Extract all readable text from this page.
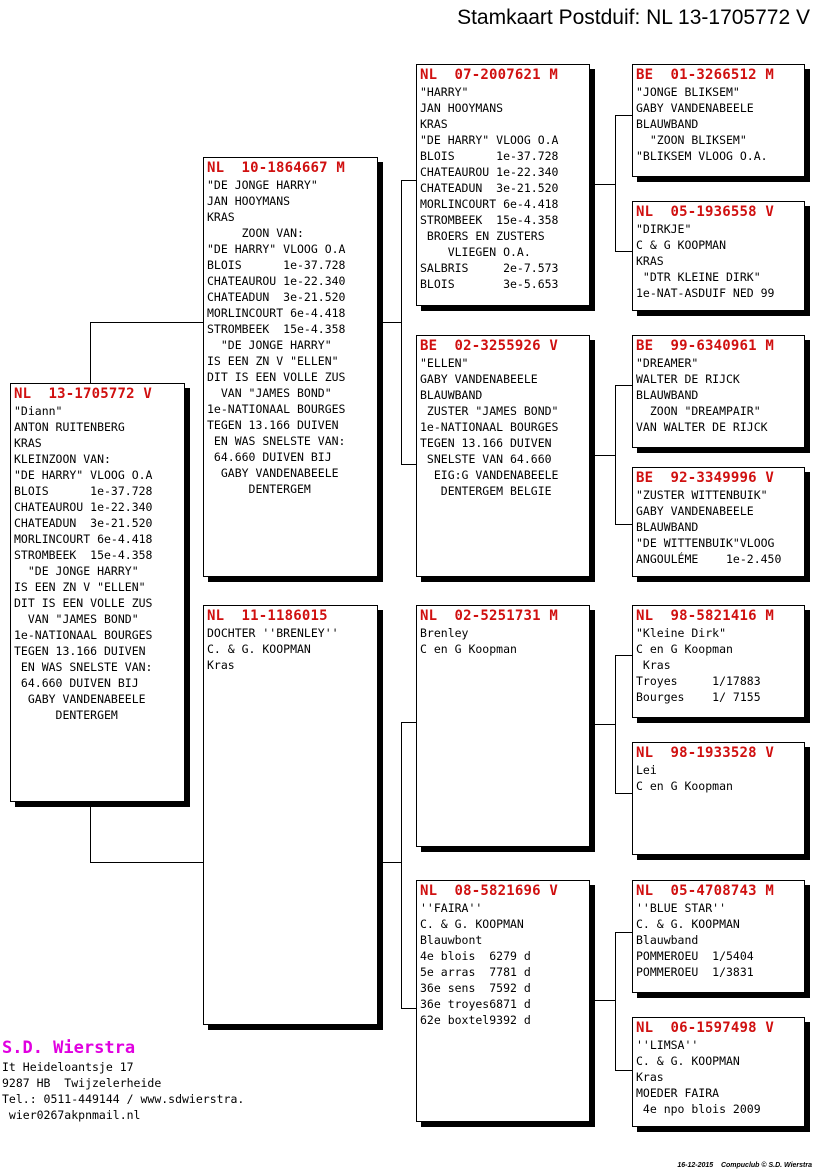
Stamkaart Postduif: NL 13-1705772 V
NL  13-1705772 V
"Diann"
ANTON RUITENBERG
KRAS
KLEINZOON VAN:
"DE HARRY" VLOOG O.A
BLOIS      1e-37.728
CHATEAUROU 1e-22.340
CHATEADUN  3e-21.520
MORLINCOURT 6e-4.418
STROMBEEK  15e-4.358
"DE JONGE HARRY"
IS EEN ZN V "ELLEN"
DIT IS EEN VOLLE ZUS
VAN "JAMES BOND"
1e-NATIONAAL BOURGES
TEGEN 13.166 DUIVEN
EN WAS SNELSTE VAN:
64.660 DUIVEN BIJ
GABY VANDENABEELE
DENTERGEM
NL  10-1864667 M
"DE JONGE HARRY"
JAN HOOYMANS
KRAS
ZOON VAN:
"DE HARRY" VLOOG O.A
BLOIS      1e-37.728
CHATEAUROU 1e-22.340
CHATEADUN  3e-21.520
MORLINCOURT 6e-4.418
STROMBEEK  15e-4.358
"DE JONGE HARRY"
IS EEN ZN V "ELLEN"
DIT IS EEN VOLLE ZUS
VAN "JAMES BOND"
1e-NATIONAAL BOURGES
TEGEN 13.166 DUIVEN
EN WAS SNELSTE VAN:
64.660 DUIVEN BIJ
GABY VANDENABEELE
DENTERGEM
NL  11-1186015
DOCHTER ''BRENLEY''
C. & G. KOOPMAN
Kras
NL  07-2007621 M
"HARRY"
JAN HOOYMANS
KRAS
"DE HARRY" VLOOG O.A
BLOIS      1e-37.728
CHATEAUROU 1e-22.340
CHATEADUN  3e-21.520
MORLINCOURT 6e-4.418
STROMBEEK  15e-4.358
BROERS EN ZUSTERS
VLIEGEN O.A.
SALBRIS     2e-7.573
BLOIS       3e-5.653
BE  02-3255926 V
"ELLEN"
GABY VANDENABEELE
BLAUWBAND
ZUSTER "JAMES BOND"
1e-NATIONAAL BOURGES
TEGEN 13.166 DUIVEN
SNELSTE VAN 64.660
EIG:G VANDENABEELE
DENTERGEM BELGIE
NL  02-5251731 M
Brenley
C en G Koopman
NL  08-5821696 V
''FAIRA''
C. & G. KOOPMAN
Blauwbont
4e blois  6279 d
5e arras  7781 d
36e sens  7592 d
36e troyes6871 d
62e boxtel9392 d
BE  01-3266512 M
"JONGE BLIKSEM"
GABY VANDENABEELE
BLAUWBAND
"ZOON BLIKSEM"
"BLIKSEM VLOOG O.A.
NL  05-1936558 V
"DIRKJE"
C & G KOOPMAN
KRAS
"DTR KLEINE DIRK"
1e-NAT-ASDUIF NED 99
BE  99-6340961 M
"DREAMER"
WALTER DE RIJCK
BLAUWBAND
ZOON "DREAMPAIR"
VAN WALTER DE RIJCK
BE  92-3349996 V
"ZUSTER WITTENBUIK"
GABY VANDENABEELE
BLAUWBAND
"DE WITTENBUIK"VLOOG
ANGOULÉME    1e-2.450
NL  98-5821416 M
"Kleine Dirk"
C en G Koopman
Kras
Troyes     1/17883
Bourges    1/ 7155
NL  98-1933528 V
Lei
C en G Koopman
NL  05-4708743 M
''BLUE STAR''
C. & G. KOOPMAN
Blauwband
POMMEROEU  1/5404
POMMEROEU  1/3831
NL  06-1597498 V
''LIMSA''
C. & G. KOOPMAN
Kras
MOEDER FAIRA
4e npo blois 2009
S.D. Wierstra
It Heideloantsje 17
9287 HB  Twijzelerheide
Tel.: 0511-449144 / www.sdwierstra.
wier0267akpnmail.nl
16-12-2015    Compuclub © S.D. Wierstra
